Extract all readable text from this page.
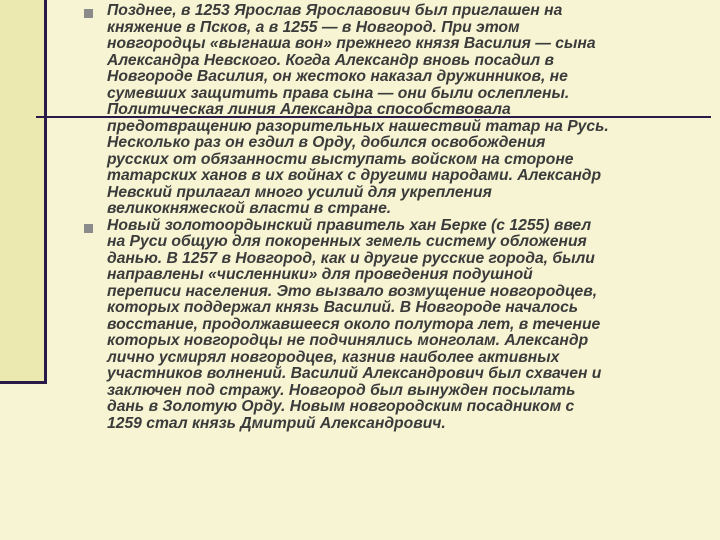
Позднее, в 1253 Ярослав Ярославович был приглашен на
княжение в Псков, а в 1255 — в Новгород. При этом
новгородцы «выгнаша вон» прежнего князя Василия — сына
Александра Невского. Когда Александр вновь посадил в
Новгороде Василия, он жестоко наказал дружинников, не
сумевших защитить права сына — они были ослеплены.
Политическая линия Александра способствовала
предотвращению разорительных нашествий татар на Русь.
Несколько раз он ездил в Орду, добился освобождения
русских от обязанности выступать войском на стороне
татарских ханов в их войнах с другими народами. Александр
Невский прилагал много усилий для укрепления
великокняжеской власти в стране.
Новый золотоордынский правитель хан Берке (с 1255) ввел
на Руси общую для покоренных земель систему обложения
данью. В 1257 в Новгород, как и другие русские города, были
направлены «численники» для проведения подушной
переписи населения. Это вызвало возмущение новгородцев,
которых поддержал князь Василий. В Новгороде началось
восстание, продолжавшееся около полутора лет, в течение
которых новгородцы не подчинялись монголам. Александр
лично усмирял новгородцев, казнив наиболее активных
участников волнений. Василий Александрович был схвачен и
заключен под стражу. Новгород был вынужден посылать
дань в Золотую Орду. Новым новгородским посадником с
1259 стал князь Дмитрий Александрович.
